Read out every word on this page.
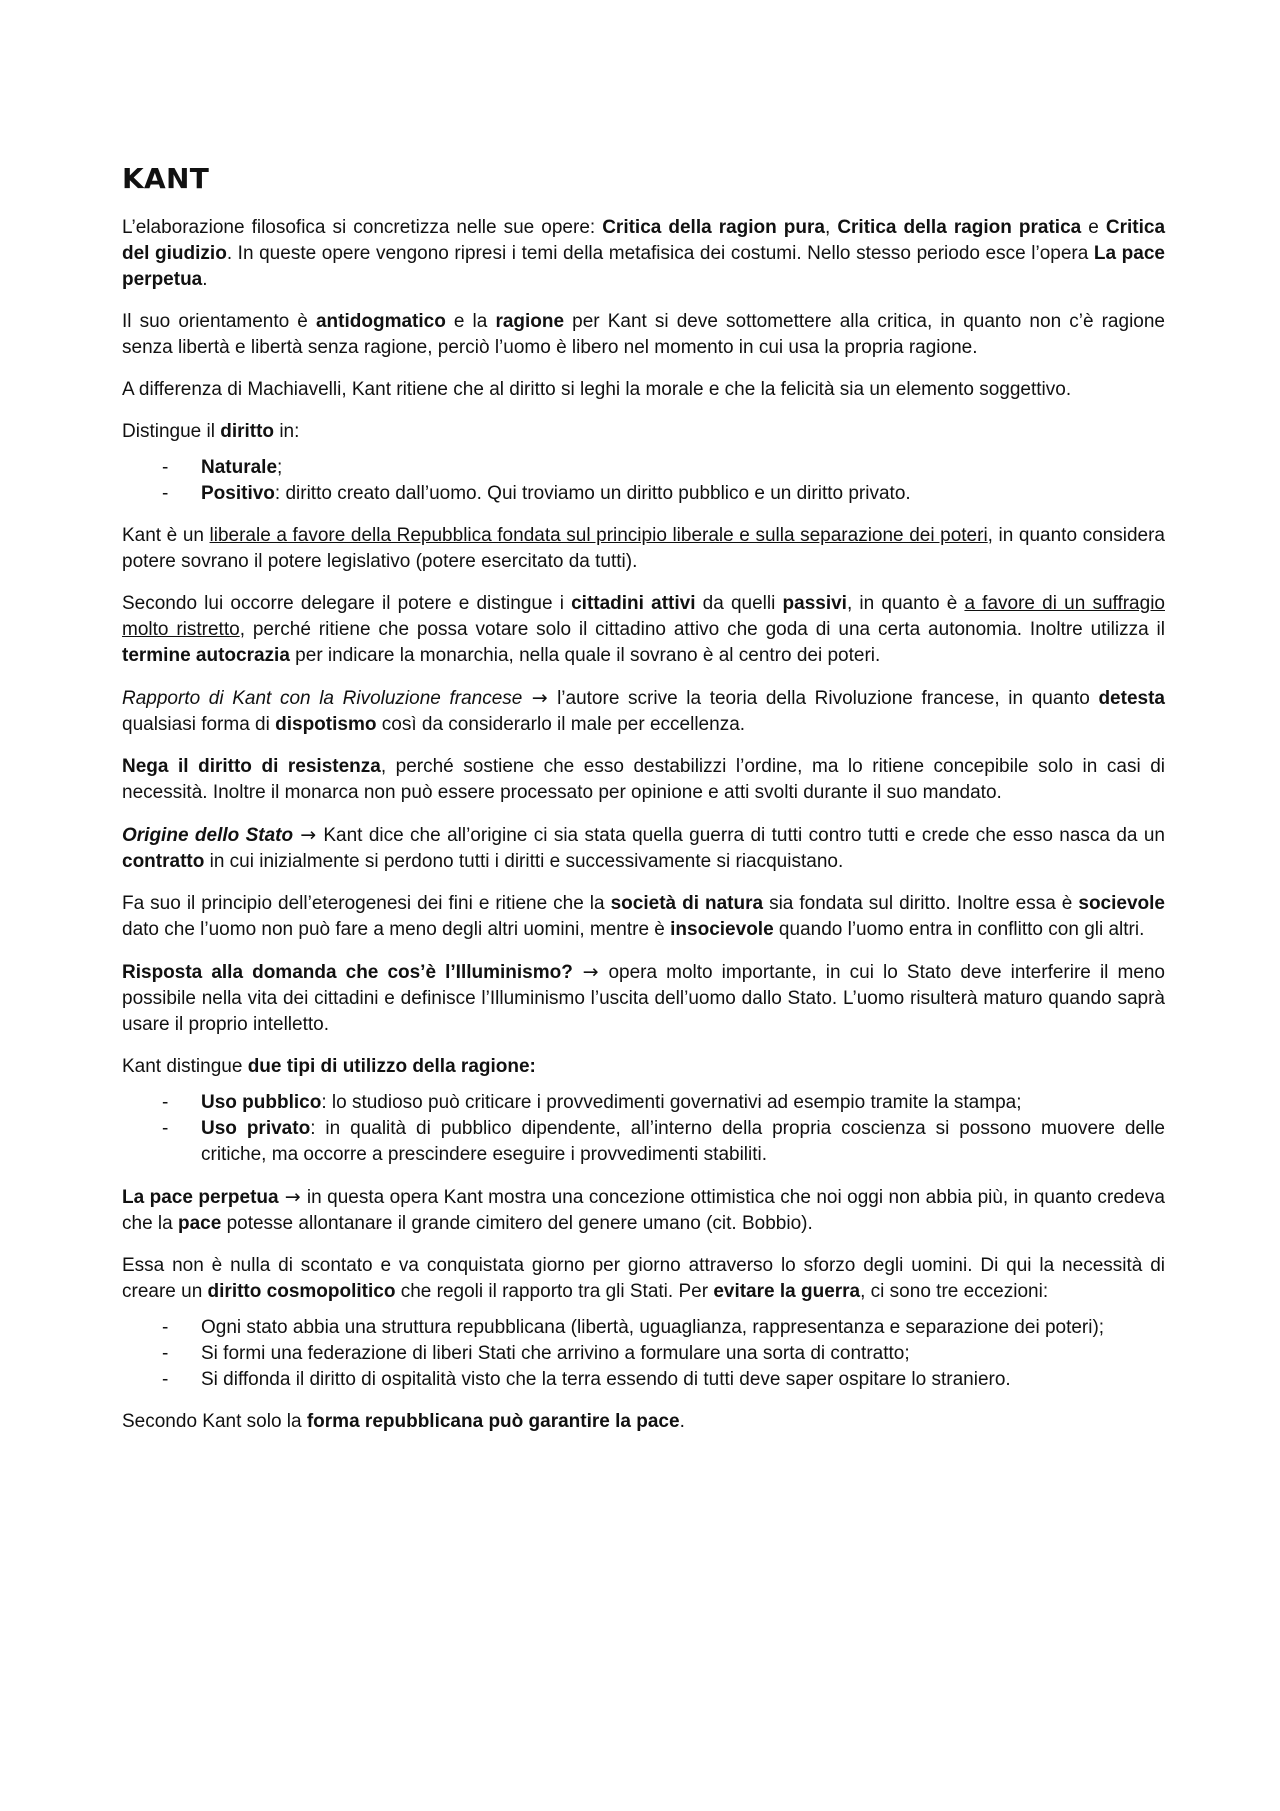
KANT

L’elaborazione filosofica si concretizza nelle sue opere: Critica della ragion pura, Critica della ragion pratica e Critica del giudizio. In queste opere vengono ripresi i temi della metafisica dei costumi. Nello stesso periodo esce l’opera La pace perpetua.

Il suo orientamento è antidogmatico e la ragione per Kant si deve sottomettere alla critica, in quanto non c’è ragione senza libertà e libertà senza ragione, perciò l’uomo è libero nel momento in cui usa la propria ragione.

A differenza di Machiavelli, Kant ritiene che al diritto si leghi la morale e che la felicità sia un elemento soggettivo.

Distingue il diritto in:

- Naturale;
- Positivo: diritto creato dall’uomo. Qui troviamo un diritto pubblico e un diritto privato.

Kant è un liberale a favore della Repubblica fondata sul principio liberale e sulla separazione dei poteri, in quanto considera potere sovrano il potere legislativo (potere esercitato da tutti).

Secondo lui occorre delegare il potere e distingue i cittadini attivi da quelli passivi, in quanto è a favore di un suffragio molto ristretto, perché ritiene che possa votare solo il cittadino attivo che goda di una certa autonomia. Inoltre utilizza il termine autocrazia per indicare la monarchia, nella quale il sovrano è al centro dei poteri.

Rapporto di Kant con la Rivoluzione francese → l’autore scrive la teoria della Rivoluzione francese, in quanto detesta qualsiasi forma di dispotismo così da considerarlo il male per eccellenza.

Nega il diritto di resistenza, perché sostiene che esso destabilizzi l’ordine, ma lo ritiene concepibile solo in casi di necessità. Inoltre il monarca non può essere processato per opinione e atti svolti durante il suo mandato.

Origine dello Stato → Kant dice che all’origine ci sia stata quella guerra di tutti contro tutti e crede che esso nasca da un contratto in cui inizialmente si perdono tutti i diritti e successivamente si riacquistano.

Fa suo il principio dell’eterogenesi dei fini e ritiene che la società di natura sia fondata sul diritto. Inoltre essa è socievole dato che l’uomo non può fare a meno degli altri uomini, mentre è insocievole quando l’uomo entra in conflitto con gli altri.

Risposta alla domanda che cos’è l’Illuminismo? → opera molto importante, in cui lo Stato deve interferire il meno possibile nella vita dei cittadini e definisce l’Illuminismo l’uscita dell’uomo dallo Stato. L’uomo risulterà maturo quando saprà usare il proprio intelletto.

Kant distingue due tipi di utilizzo della ragione:

- Uso pubblico: lo studioso può criticare i provvedimenti governativi ad esempio tramite la stampa;
- Uso privato: in qualità di pubblico dipendente, all’interno della propria coscienza si possono muovere delle critiche, ma occorre a prescindere eseguire i provvedimenti stabiliti.

La pace perpetua → in questa opera Kant mostra una concezione ottimistica che noi oggi non abbia più, in quanto credeva che la pace potesse allontanare il grande cimitero del genere umano (cit. Bobbio).

Essa non è nulla di scontato e va conquistata giorno per giorno attraverso lo sforzo degli uomini. Di qui la necessità di creare un diritto cosmopolitico che regoli il rapporto tra gli Stati. Per evitare la guerra, ci sono tre eccezioni:

- Ogni stato abbia una struttura repubblicana (libertà, uguaglianza, rappresentanza e separazione dei poteri);
- Si formi una federazione di liberi Stati che arrivino a formulare una sorta di contratto;
- Si diffonda il diritto di ospitalità visto che la terra essendo di tutti deve saper ospitare lo straniero.

Secondo Kant solo la forma repubblicana può garantire la pace.
